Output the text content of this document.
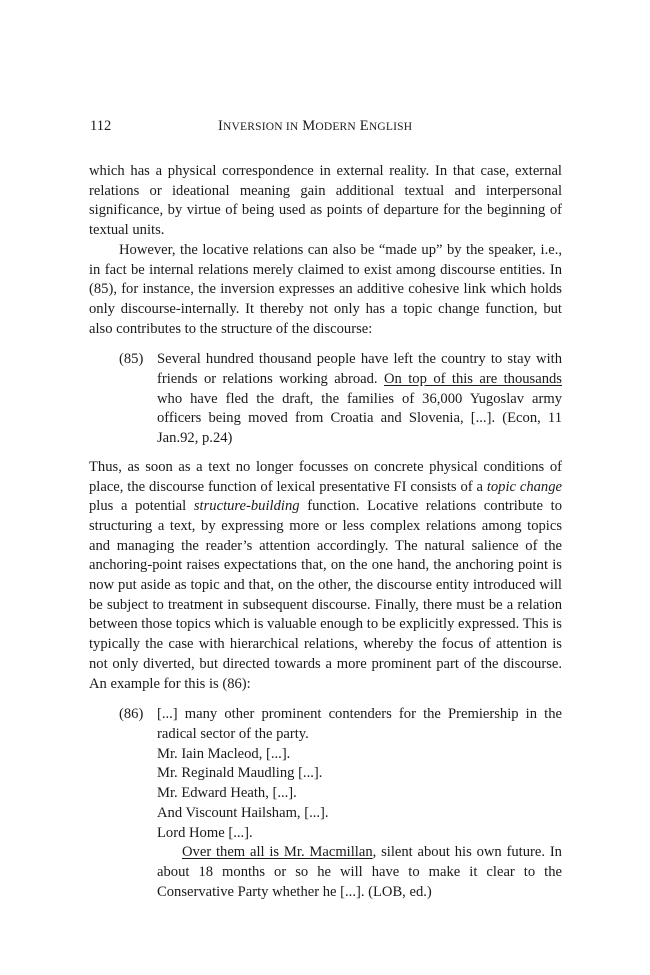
112	INVERSION IN MODERN ENGLISH

which has a physical correspondence in external reality. In that case, external relations or ideational meaning gain additional textual and interpersonal significance, by virtue of being used as points of departure for the beginning of textual units.

However, the locative relations can also be “made up” by the speaker, i.e., in fact be internal relations merely claimed to exist among discourse entities. In (85), for instance, the inversion expresses an additive cohesive link which holds only discourse-internally. It thereby not only has a topic change function, but also contributes to the structure of the discourse:

(85) Several hundred thousand people have left the country to stay with friends or relations working abroad. On top of this are thousands who have fled the draft, the families of 36,000 Yugoslav army officers being moved from Croatia and Slovenia, [...]. (Econ, 11 Jan.92, p.24)

Thus, as soon as a text no longer focusses on concrete physical conditions of place, the discourse function of lexical presentative FI consists of a topic change plus a potential structure-building function. Locative relations contribute to structuring a text, by expressing more or less complex relations among topics and managing the reader’s attention accordingly. The natural salience of the anchoring-point raises expectations that, on the one hand, the anchoring point is now put aside as topic and that, on the other, the discourse entity introduced will be subject to treatment in subsequent discourse. Finally, there must be a relation between those topics which is valuable enough to be explicitly expressed. This is typically the case with hierarchical relations, whereby the focus of attention is not only diverted, but directed towards a more prominent part of the discourse. An example for this is (86):

(86) [...] many other prominent contenders for the Premiership in the radical sector of the party.
Mr. Iain Macleod, [...].
Mr. Reginald Maudling [...].
Mr. Edward Heath, [...].
And Viscount Hailsham, [...].
Lord Home [...].
Over them all is Mr. Macmillan, silent about his own future. In about 18 months or so he will have to make it clear to the Conservative Party whether he [...]. (LOB, ed.)
